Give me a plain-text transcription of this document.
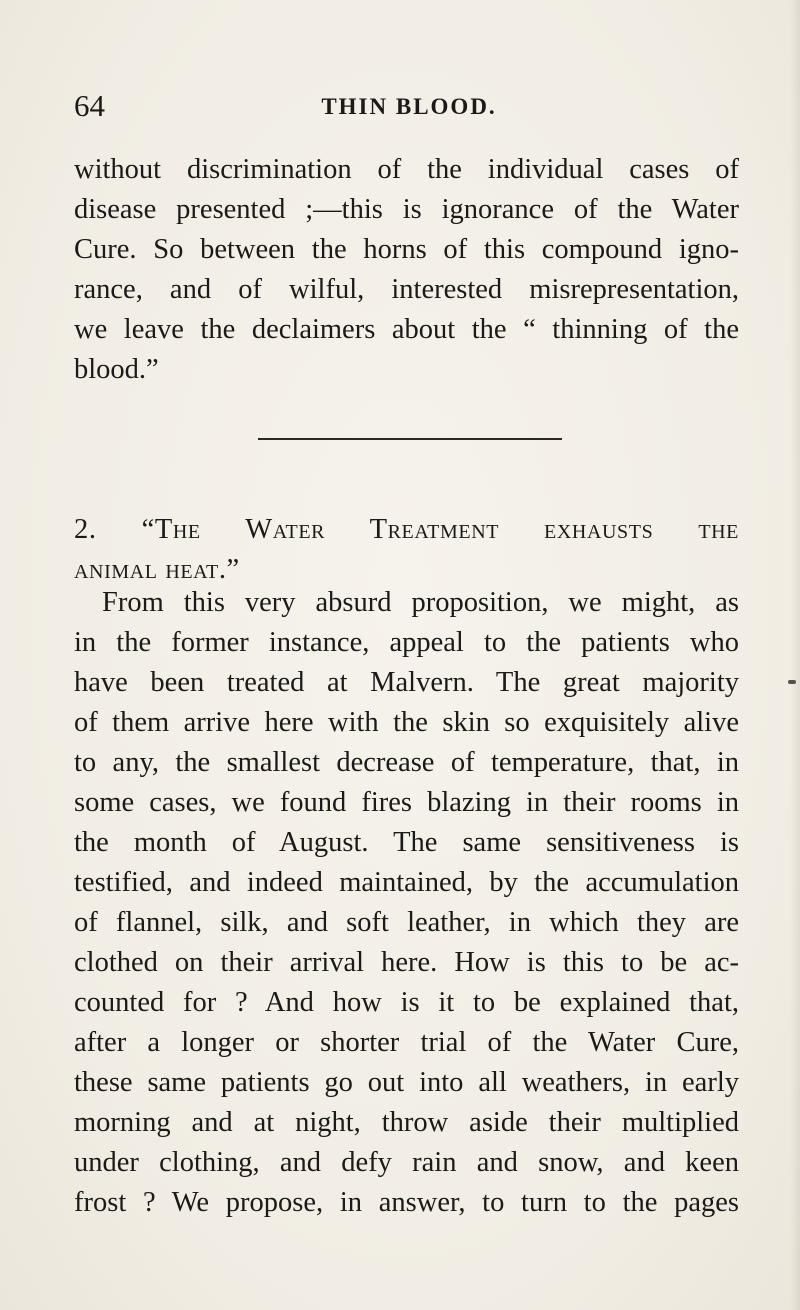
64	THIN BLOOD.
without discrimination of the individual cases of
disease presented ;—this is ignorance of the Water
Cure. So between the horns of this compound igno-
rance, and of wilful, interested misrepresentation,
we leave the declaimers about the “ thinning of the
blood.”
2. “The Water Treatment exhausts the
animal heat.”
From this very absurd proposition, we might, as
in the former instance, appeal to the patients who
have been treated at Malvern. The great majority
of them arrive here with the skin so exquisitely alive
to any, the smallest decrease of temperature, that, in
some cases, we found fires blazing in their rooms in
the month of August. The same sensitiveness is
testified, and indeed maintained, by the accumulation
of flannel, silk, and soft leather, in which they are
clothed on their arrival here. How is this to be ac-
counted for ? And how is it to be explained that,
after a longer or shorter trial of the Water Cure,
these same patients go out into all weathers, in early
morning and at night, throw aside their multiplied
under clothing, and defy rain and snow, and keen
frost ? We propose, in answer, to turn to the pages
